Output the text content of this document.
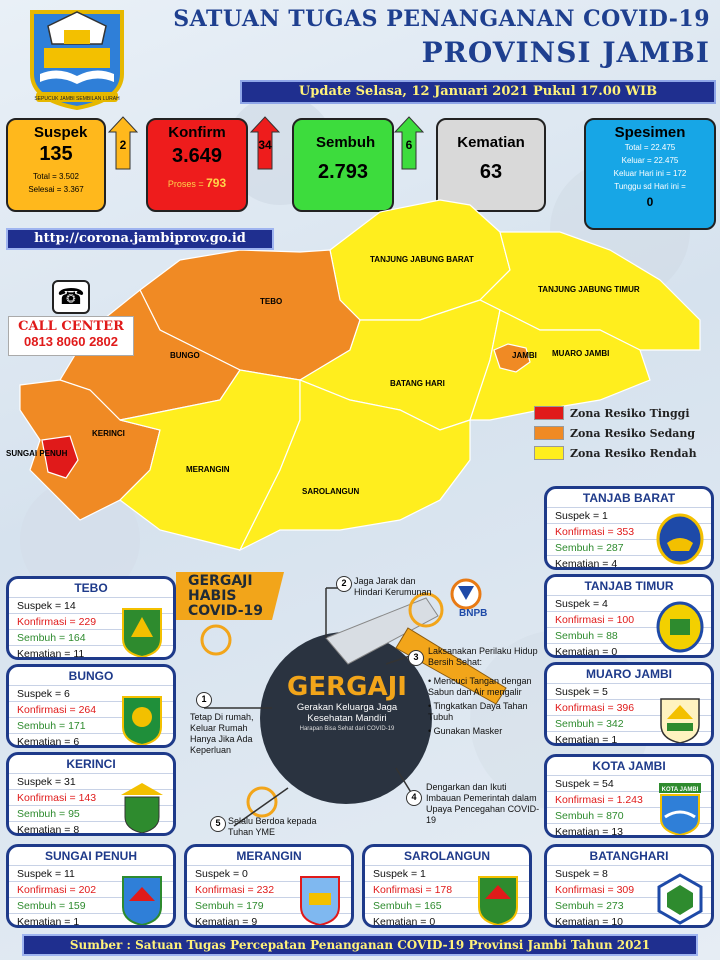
SEPUCUK JAMBI SEMBILAN LURAH
SATUAN TUGAS PENANGANAN COVID-19
PROVINSI JAMBI
Update Selasa, 12 Januari 2021 Pukul 17.00 WIB
Suspek
135
Total = 3.502
Selesai = 3.367
2
Konfirm
3.649
Proses = 793
34	Sembuh
2.793
6	Kematian
63
Spesimen
Total = 22.475
Keluar = 22.475
Keluar Hari ini = 172
Tunggu sd Hari ini =
0
TANJUNG JABUNG BARAT
TANJUNG JABUNG TIMUR
TEBO
BUNGO	JAMBI MUARO JAMBI
BATANG HARI
KERINCI
SUNGAI PENUH
MERANGIN
SAROLANGUN
http://corona.jambiprov.go.id
☎
CALL CENTER
0813 8060 2802
Zona Resiko Tinggi
Zona Resiko Sedang
Zona Resiko Rendah
TANJAB BARAT
Suspek = 1
Konfirmasi = 353
Sembuh = 287
Kematian = 4
TANJAB TIMUR
Suspek = 4
Konfirmasi = 100
Sembuh = 88
Kematian = 0
MUARO JAMBI
Suspek = 5
Konfirmasi = 396
Sembuh = 342
Kematian = 1
KOTA JAMBI
Suspek = 54
Konfirmasi = 1.243
Sembuh = 870
Kematian = 13
KOTA JAMBI
TEBO
Suspek = 14
Konfirmasi = 229
Sembuh = 164
Kematian = 11
BUNGO
Suspek = 6
Konfirmasi = 264
Sembuh = 171
Kematian = 6
KERINCI
Suspek = 31
Konfirmasi = 143
Sembuh = 95
Kematian = 8
SUNGAI PENUH
Suspek = 11
Konfirmasi = 202
Sembuh = 159
Kematian = 1
MERANGIN
Suspek = 0
Konfirmasi = 232
Sembuh = 179
Kematian = 9
SAROLANGUN
Suspek = 1
Konfirmasi = 178
Sembuh = 165
Kematian = 0
BATANGHARI
Suspek = 8
Konfirmasi = 309
Sembuh = 273
Kematian = 10
GERGAJI
HABIS
COVID-19
GERGAJI
Gerakan Keluarga Jaga
Kesehatan Mandiri
Harapan Bisa Sehat dari COVID-19
BNPB
1
Tetap Di rumah, Keluar Rumah Hanya Jika Ada Keperluan
2 Jaga Jarak dan Hindari Kerumunan
3
Laksanakan Perilaku Hidup Bersih Sehat:
• Mencuci Tangan dengan Sabun dan Air mengalir
• Tingkatkan Daya Tahan Tubuh
• Gunakan Masker
4
Dengarkan dan Ikuti Imbauan Pemerintah dalam Upaya Pencegahan COVID-19
5 Selalu Berdoa kepada Tuhan YME
Sumber : Satuan Tugas Percepatan Penanganan COVID-19 Provinsi Jambi Tahun 2021
